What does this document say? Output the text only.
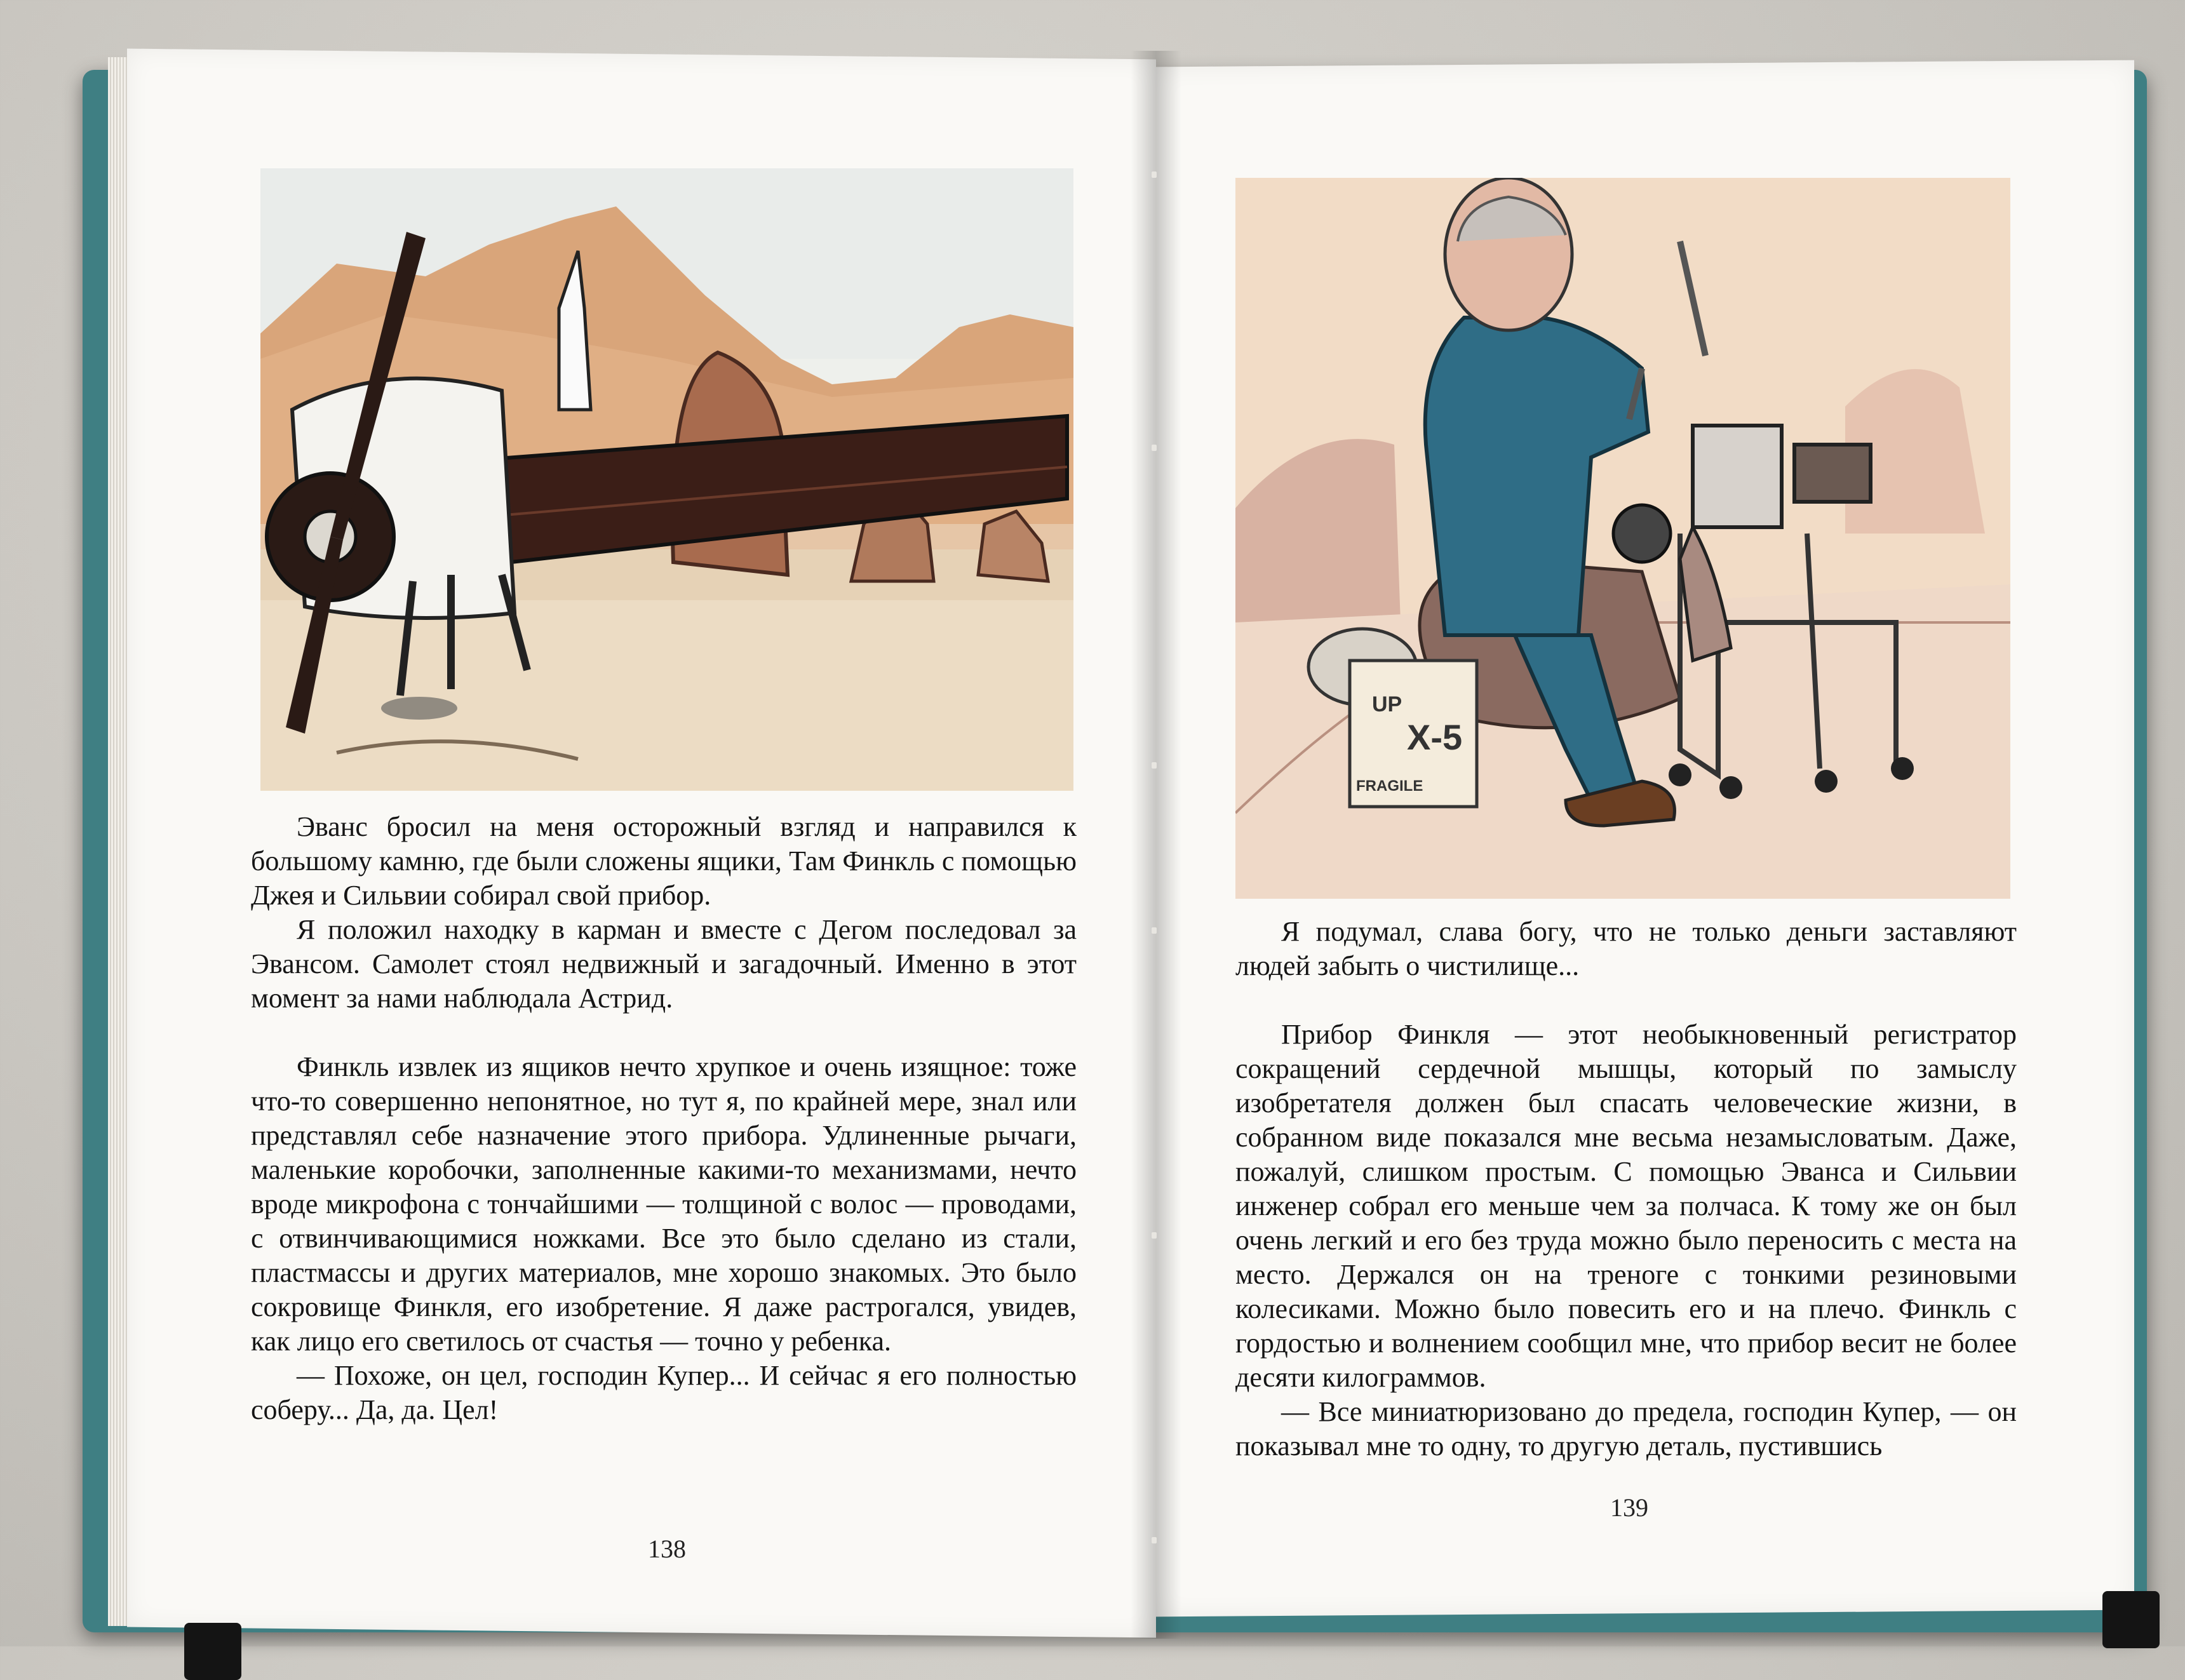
UP
X-5
FRAGILE

Эванс бросил на меня осторожный взгляд и направился к большому камню, где были сложены ящики, Там Финкль с помощью Джея и Сильвии собирал свой прибор.

Я положил находку в карман и вместе с Дегом последовал за Эвансом. Самолет стоял недвижный и загадочный. Именно в этот момент за нами наблюдала Астрид.

Финкль извлек из ящиков нечто хрупкое и очень изящное: тоже что-то совершенно непонятное, но тут я, по крайней мере, знал или представлял себе назначение этого прибора. Удлиненные рычаги, маленькие коробочки, заполненные какими-то механизмами, нечто вроде микрофона с тончайшими — толщиной с волос — проводами, с отвинчивающимися ножками. Все это было сделано из стали, пластмассы и других материалов, мне хорошо знакомых. Это было сокровище Финкля, его изобретение. Я даже растрогался, увидев, как лицо его светилось от счастья — точно у ребенка.

— Похоже, он цел, господин Купер... И сейчас я его полностью соберу... Да, да. Цел!

138

Я подумал, слава богу, что не только деньги заставляют людей забыть о чистилище...

Прибор Финкля — этот необыкновенный регистратор сокращений сердечной мышцы, который по замыслу изобретателя должен был спасать человеческие жизни, в собранном виде показался мне весьма незамысловатым. Даже, пожалуй, слишком простым. С помощью Эванса и Сильвии инженер собрал его меньше чем за полчаса. К тому же он был очень легкий и его без труда можно было переносить с места на место. Держался он на треноге с тонкими резиновыми колесиками. Можно было повесить его и на плечо. Финкль с гордостью и волнением сообщил мне, что прибор весит не более десяти килограммов.

— Все миниатюризовано до предела, господин Купер, — он показывал мне то одну, то другую деталь, пустившись

139
